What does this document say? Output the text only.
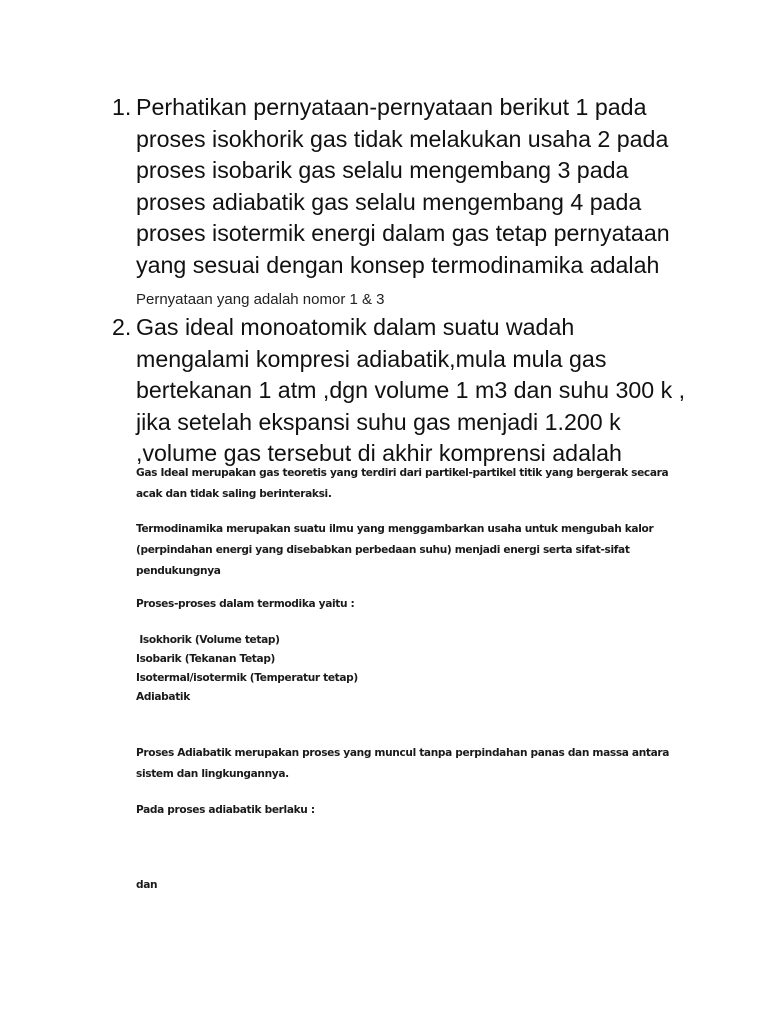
1. Perhatikan pernyataan-pernyataan berikut 1 pada
proses isokhorik gas tidak melakukan usaha 2 pada
proses isobarik gas selalu mengembang 3 pada
proses adiabatik gas selalu mengembang 4 pada
proses isotermik energi dalam gas tetap pernyataan
yang sesuai dengan konsep termodinamika adalah
Pernyataan yang adalah nomor 1 & 3
2. Gas ideal monoatomik dalam suatu wadah
mengalami kompresi adiabatik,mula mula gas
bertekanan 1 atm ,dgn volume 1 m3 dan suhu 300 k ,
jika setelah ekspansi suhu gas menjadi 1.200 k
,volume gas tersebut di akhir komprensi adalah
Gas Ideal merupakan gas teoretis yang terdiri dari partikel-partikel titik yang bergerak secara
acak dan tidak saling berinteraksi.
Termodinamika merupakan suatu ilmu yang menggambarkan usaha untuk mengubah kalor
(perpindahan energi yang disebabkan perbedaan suhu) menjadi energi serta sifat-sifat
pendukungnya
Proses-proses dalam termodika yaitu :
Isokhorik (Volume tetap)
Isobarik (Tekanan Tetap)
Isotermal/isotermik (Temperatur tetap)
Adiabatik
Proses Adiabatik merupakan proses yang muncul tanpa perpindahan panas dan massa antara
sistem dan lingkungannya.
Pada proses adiabatik berlaku :
dan
